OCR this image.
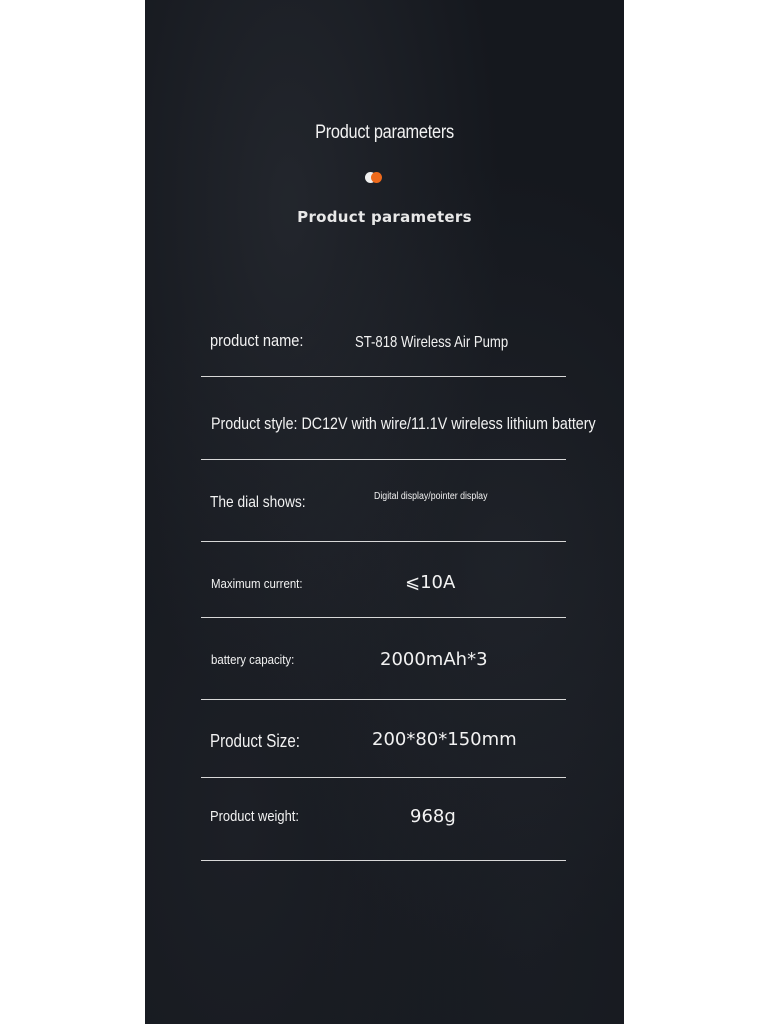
Product parameters
Product parameters
product name:	ST-818 Wireless Air Pump
Product style: DC12V with wire/11.1V wireless lithium battery
The dial shows:	Digital display/pointer display
Maximum current:	⩽10A
battery capacity:	2000mAh*3
Product Size:	200*80*150mm
Product weight:	968g
